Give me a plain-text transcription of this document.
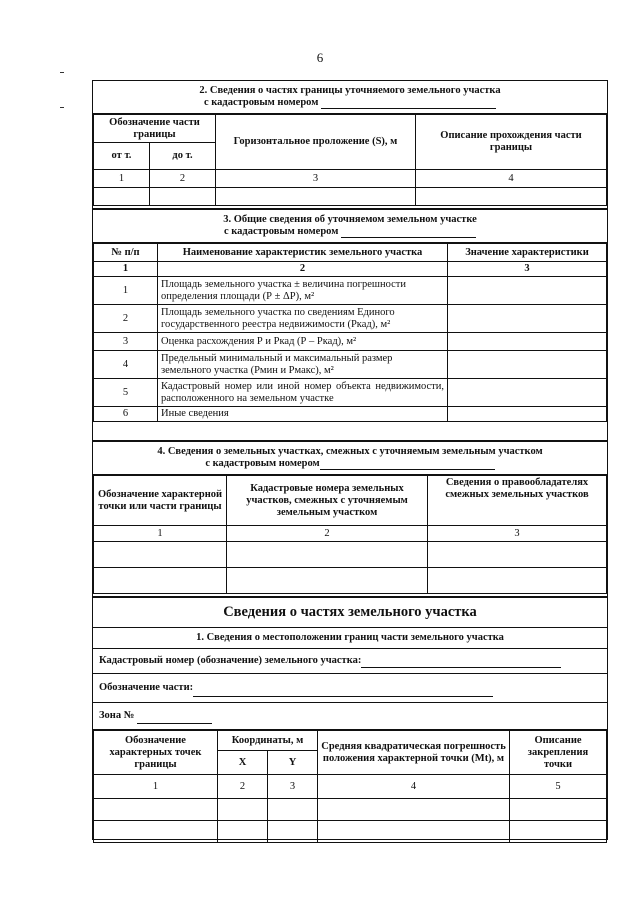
6
2. Сведения о частях границы уточняемого земельного участка
с кадастровым номером
Обозначение части границы		Горизонтальное проложение (S), м	Описание прохождения части границы
от т.	до т.		
1	2	3	4

3. Общие сведения об уточняемом земельном участке
с кадастровым номером
№ п/п	Наименование характеристик земельного участка	Значение характеристики
1	2	3
1	Площадь земельного участка ± величина погрешности определения площади (Р ± ΔР), м²	
2	Площадь земельного участка по сведениям Единого государственного реестра недвижимости (Ркад), м²	
3	Оценка расхождения Р и Ркад (Р – Ркад), м²	
4	Предельный минимальный и максимальный размер земельного участка (Рмин и Рмакс), м²	
5	Кадастровый номер или иной номер объекта недвижимости, расположенного на земельном участке	
6	Иные сведения	
4. Сведения о земельных участках, смежных с уточняемым земельным участком
с кадастровым номером
Обозначение характерной точки или части границы	Кадастровые номера земельных участков, смежных с уточняемым земельным участком	Сведения о правообладателях смежных земельных участков
1	2	3

Сведения о частях земельного участка
1. Сведения о местоположении границ части земельного участка
Кадастровый номер (обозначение) земельного участка:
Обозначение части:
Зона №
Обозначение характерных точек границы	Координаты, м		Средняя квадратическая погрешность положения характерной точки (Mt), м	Описание закрепления точки
	X	Y		
1	2	3	4	5
